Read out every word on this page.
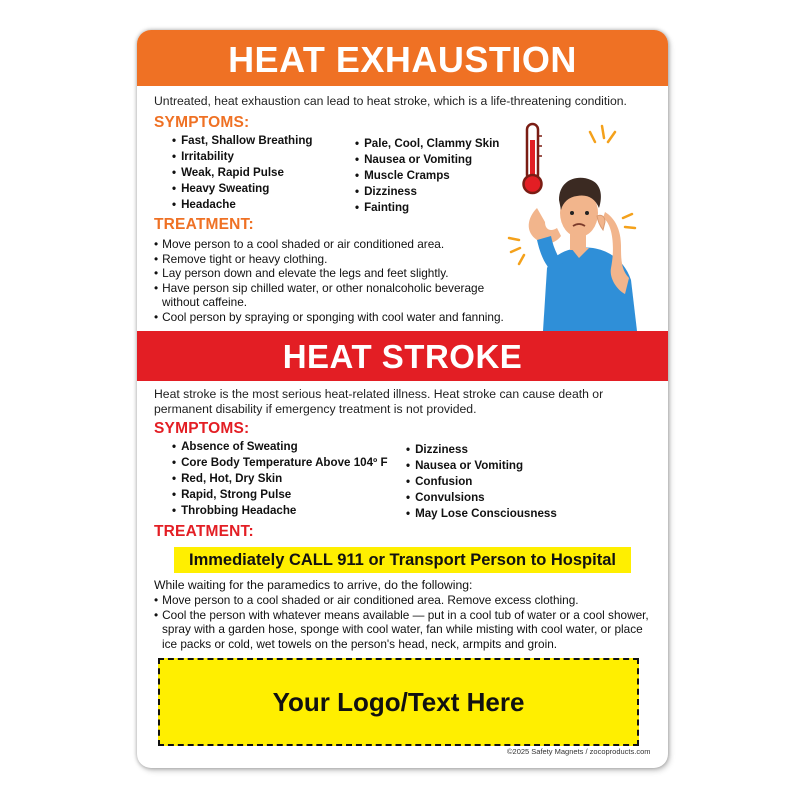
HEAT EXHAUSTION
Untreated, heat exhaustion can lead to heat stroke, which is a life-threatening condition.
SYMPTOMS:
• Fast, Shallow Breathing
• Irritability
• Weak, Rapid Pulse
• Heavy Sweating
• Headache
• Pale, Cool, Clammy Skin
• Nausea or Vomiting
• Muscle Cramps
• Dizziness
• Fainting
TREATMENT:
• Move person to a cool shaded or air conditioned area.
• Remove tight or heavy clothing.
• Lay person down and elevate the legs and feet slightly.
• Have person sip chilled water, or other nonalcoholic beverage without caffeine.
• Cool person by spraying or sponging with cool water and fanning.
HEAT STROKE
Heat stroke is the most serious heat-related illness. Heat stroke can cause death or permanent disability if emergency treatment is not provided.
SYMPTOMS:
• Absence of Sweating
• Core Body Temperature Above 104º F
• Red, Hot, Dry Skin
• Rapid, Strong Pulse
• Throbbing Headache
• Dizziness
• Nausea or Vomiting
• Confusion
• Convulsions
• May Lose Consciousness
TREATMENT:
Immediately CALL 911 or Transport Person to Hospital
While waiting for the paramedics to arrive, do the following:
• Move person to a cool shaded or air conditioned area. Remove excess clothing.
• Cool the person with whatever means available — put in a cool tub of water or a cool shower, spray with a garden hose, sponge with cool water, fan while misting with cool water, or place ice packs or cold, wet towels on the person's head, neck, armpits and groin.
Your Logo/Text Here
©2025 Safety Magnets / zocoproducts.com
